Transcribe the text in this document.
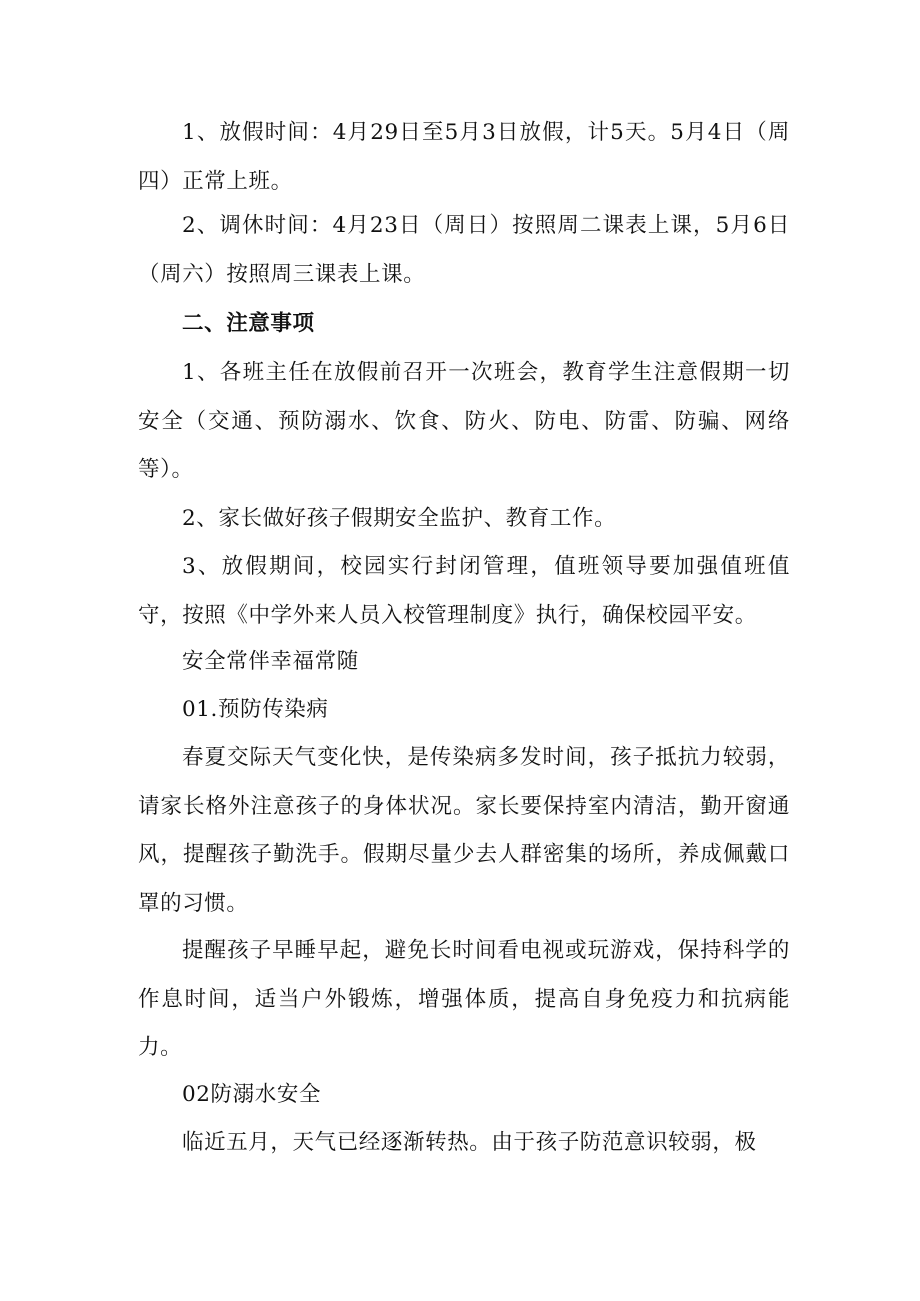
1、放假时间：4月29日至5月3日放假，计5天。5月4日（周四）正常上班。

2、调休时间：4月23日（周日）按照周二课表上课，5月6日（周六）按照周三课表上课。

二、注意事项

1、各班主任在放假前召开一次班会，教育学生注意假期一切安全（交通、预防溺水、饮食、防火、防电、防雷、防骗、网络等）。

2、家长做好孩子假期安全监护、教育工作。

3、放假期间，校园实行封闭管理，值班领导要加强值班值守，按照《中学外来人员入校管理制度》执行，确保校园平安。

安全常伴幸福常随

01.预防传染病

春夏交际天气变化快，是传染病多发时间，孩子抵抗力较弱，请家长格外注意孩子的身体状况。家长要保持室内清洁，勤开窗通风，提醒孩子勤洗手。假期尽量少去人群密集的场所，养成佩戴口罩的习惯。

提醒孩子早睡早起，避免长时间看电视或玩游戏，保持科学的作息时间，适当户外锻炼，增强体质，提高自身免疫力和抗病能力。

02防溺水安全

临近五月，天气已经逐渐转热。由于孩子防范意识较弱，极
